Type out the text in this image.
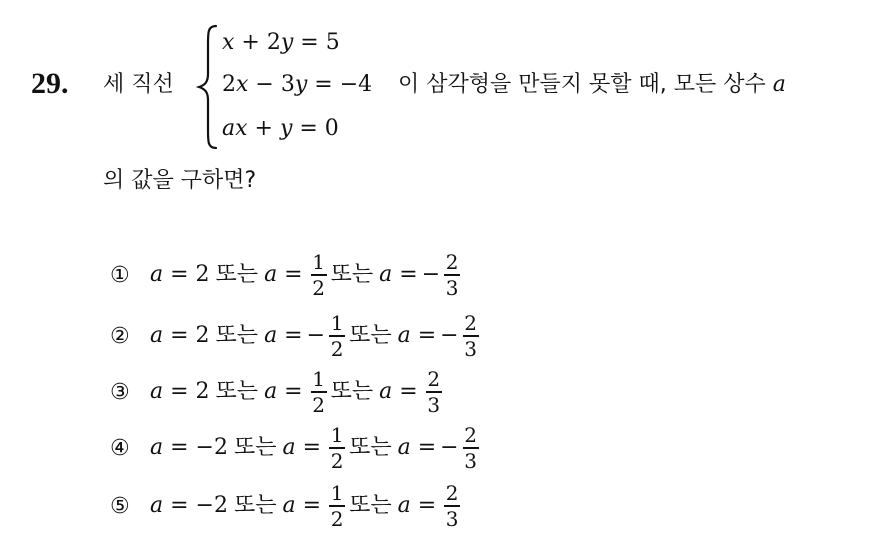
29. 세 직선
x + 2y = 5
2x − 3y = −4
ax + y = 0
이 삼각형을 만들지 못할 때, 모든 상수 a
의 값을 구하면?
① a = 2 또는 $a = \frac{1}{2}$ 또는 a = − $\frac{2}{3}$
② a = 2 또는 a = − $\frac{1}{2}$ 또는 a = − $\frac{2}{3}$
③ a = 2 또는 $a = \frac{1}{2}$ 또는 $a = \frac{2}{3}$
④ a = −2 또는 $a = \frac{1}{2}$ 또는 a = − $\frac{2}{3}$
⑤ a = −2 또는 $a = \frac{1}{2}$ 또는 $a = \frac{2}{3}$
